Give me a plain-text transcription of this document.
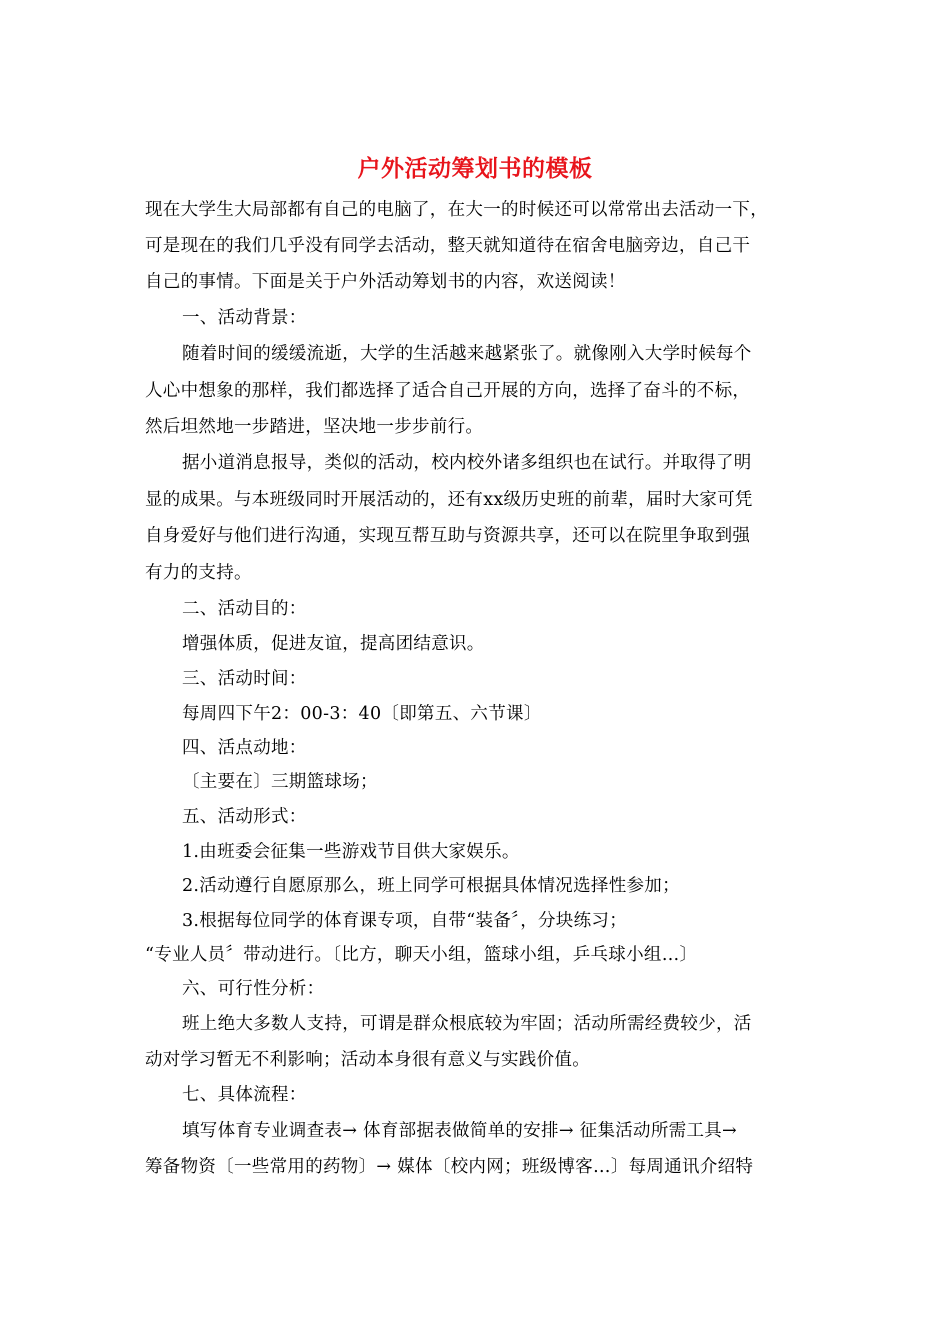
户外活动筹划书的模板
现在大学生大局部都有自己的电脑了，在大一的时候还可以常常出去活动一下，
可是现在的我们几乎没有同学去活动，整天就知道待在宿舍电脑旁边，自己干
自己的事情。下面是关于户外活动筹划书的内容，欢送阅读！
一、活动背景：
随着时间的缓缓流逝，大学的生活越来越紧张了。就像刚入大学时候每个
人心中想象的那样，我们都选择了适合自己开展的方向，选择了奋斗的不标，
然后坦然地一步踏进，坚决地一步步前行。
据小道消息报导，类似的活动，校内校外诸多组织也在试行。并取得了明
显的成果。与本班级同时开展活动的，还有xx级历史班的前辈，届时大家可凭
自身爱好与他们进行沟通，实现互帮互助与资源共享，还可以在院里争取到强
有力的支持。
二、活动目的：
增强体质，促进友谊，提高团结意识。
三、活动时间：
每周四下午2：00-3：40〔即第五、六节课〕
四、活点动地：
〔主要在〕三期篮球场；
五、活动形式：
1.由班委会征集一些游戏节目供大家娱乐。
2.活动遵行自愿原那么，班上同学可根据具体情况选择性参加；
3.根据每位同学的体育课专项，自带“装备〞，分块练习；
“专业人员〞带动进行。〔比方，聊天小组，篮球小组，乒乓球小组…〕
六、可行性分析：
班上绝大多数人支持，可谓是群众根底较为牢固；活动所需经费较少，活
动对学习暂无不利影响；活动本身很有意义与实践价值。
七、具体流程：
填写体育专业调查表→ 体育部据表做简单的安排→ 征集活动所需工具→
筹备物资〔一些常用的药物〕→ 媒体〔校内网；班级博客…〕每周通讯介绍特
